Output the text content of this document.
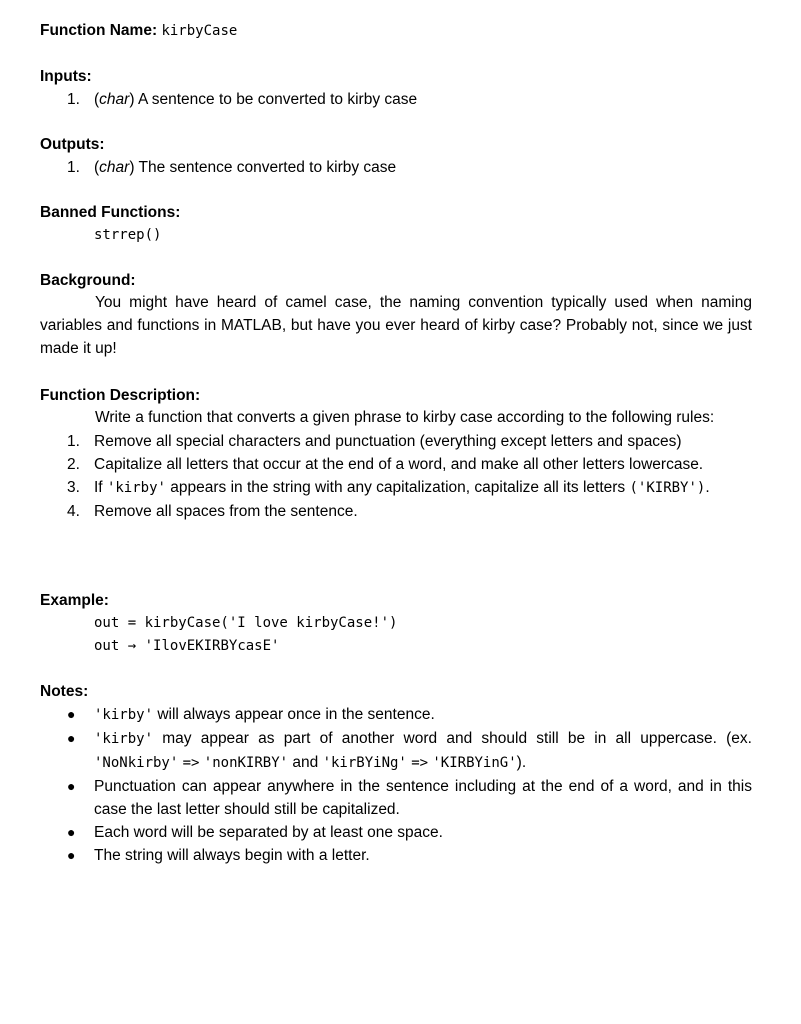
Function Name: kirbyCase
Inputs:
1. (char) A sentence to be converted to kirby case
Outputs:
1. (char) The sentence converted to kirby case
Banned Functions:
strrep()
Background:
You might have heard of camel case, the naming convention typically used when naming variables and functions in MATLAB, but have you ever heard of kirby case? Probably not, since we just made it up!
Function Description:
Write a function that converts a given phrase to kirby case according to the following rules:
1. Remove all special characters and punctuation (everything except letters and spaces)
2. Capitalize all letters that occur at the end of a word, and make all other letters lowercase.
3. If 'kirby' appears in the string with any capitalization, capitalize all its letters ('KIRBY').
4. Remove all spaces from the sentence.
Example:
out = kirbyCase('I love kirbyCase!')
out → 'IlovEKIRBYcasE'
Notes:
● 'kirby' will always appear once in the sentence.
● 'kirby' may appear as part of another word and should still be in all uppercase. (ex. 'NoNkirby' => 'nonKIRBY' and 'kirBYiNg' => 'KIRBYinG').
● Punctuation can appear anywhere in the sentence including at the end of a word, and in this case the last letter should still be capitalized.
● Each word will be separated by at least one space.
● The string will always begin with a letter.
